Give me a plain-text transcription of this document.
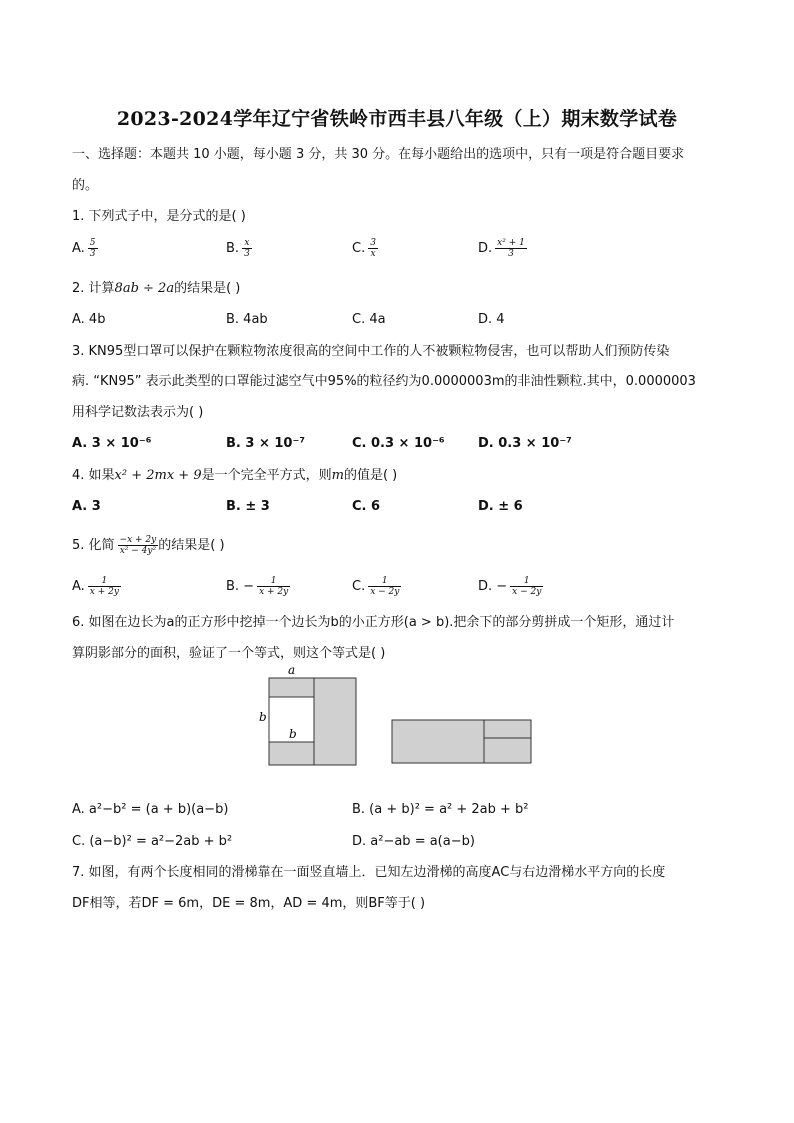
2023-2024学年辽宁省铁岭市西丰县八年级（上）期末数学试卷
一、选择题：本题共 10 小题，每小题 3 分，共 30 分。在每小题给出的选项中，只有一项是符合题目要求
的。
1. 下列式子中，是分式的是( )
A. $\frac{5}{3}$	B. $\frac{x}{3}$	C. $\frac{3}{x}$	D. $\frac{\text{x² + 1}}{3}$
2. 计算8ab ÷ 2a的结果是( )
A. 4b	B. 4ab	C. 4a	D. 4
3. KN95型口罩可以保护在颗粒物浓度很高的空间中工作的人不被颗粒物侵害，也可以帮助人们预防传染
病. “KN95” 表示此类型的口罩能过滤空气中95%的粒径约为0.0000003m的非油性颗粒.其中，0.0000003
用科学记数法表示为( )
A. 3 × 10⁻⁶	B. 3 × 10⁻⁷	C. 0.3 × 10⁻⁶	D. 0.3 × 10⁻⁷
4. 如果x² + 2mx + 9是一个完全平方式，则m的值是( )
A. 3	B. ± 3	C. 6	D. ± 6
5. 化简 $\frac{-x + 2y}{\text{x² − 4y²}}$ 的结果是( )
A. $\frac{1}{x + 2y}$	B. − $\frac{1}{x + 2y}$	C. $\frac{1}{x - 2y}$	D. − $\frac{1}{x - 2y}$
6. 如图在边长为a的正方形中挖掉一个边长为b的小正方形(a > b).把余下的部分剪拼成一个矩形，通过计
算阴影部分的面积，验证了一个等式，则这个等式是( )
a
b
b
A. a²−b² = (a + b)(a−b)	B. (a + b)² = a² + 2ab + b²
C. (a−b)² = a²−2ab + b²	D. a²−ab = a(a−b)
7. 如图，有两个长度相同的滑梯靠在一面竖直墙上．已知左边滑梯的高度AC与右边滑梯水平方向的长度
DF相等，若DF = 6m，DE = 8m，AD = 4m，则BF等于( )
